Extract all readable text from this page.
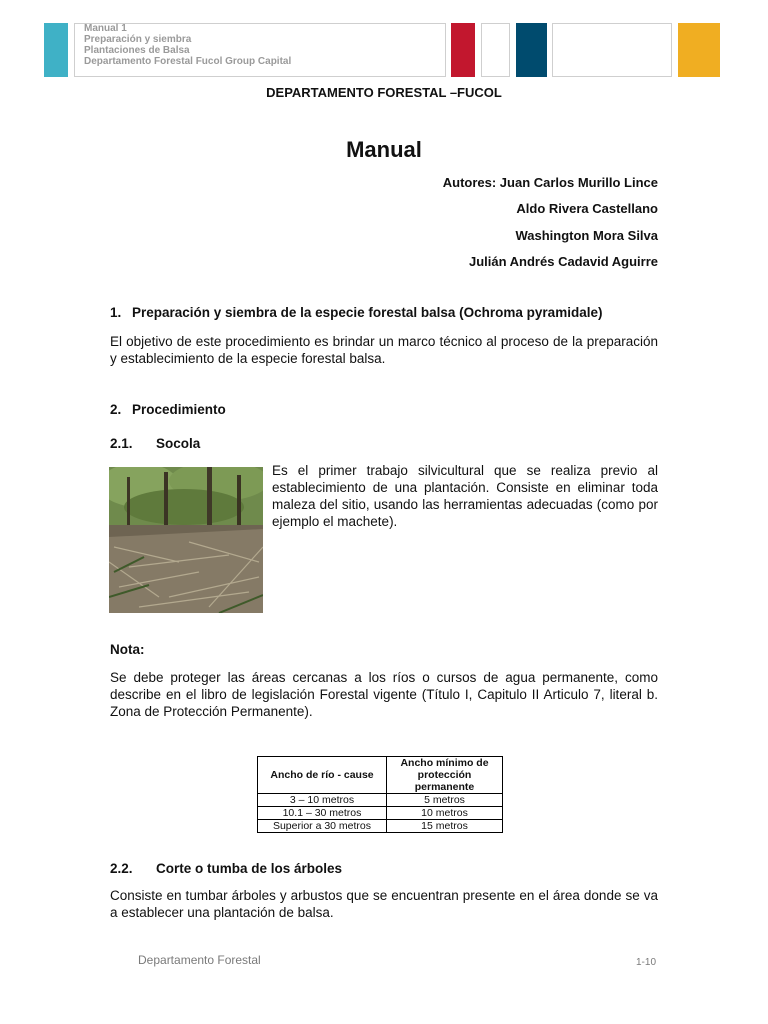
Manual 1
Preparación y siembra
Plantaciones de Balsa
Departamento Forestal Fucol Group Capital
DEPARTAMENTO FORESTAL –FUCOL
Manual
Autores: Juan Carlos Murillo Lince
Aldo Rivera Castellano
Washington Mora Silva
Julián Andrés Cadavid Aguirre
1. Preparación y siembra de la especie forestal balsa (Ochroma pyramidale)
El objetivo de este procedimiento es brindar un marco técnico al proceso de la preparación y establecimiento de la especie forestal balsa.
2. Procedimiento
2.1. Socola
Es el primer trabajo silvicultural que se realiza previo al establecimiento de una plantación. Consiste en eliminar toda maleza del sitio, usando las herramientas adecuadas (como por ejemplo el machete).
Nota:
Se debe proteger las áreas cercanas a los ríos o cursos de agua permanente, como describe en el libro de legislación Forestal vigente (Título I, Capitulo II Articulo 7, literal b. Zona de Protección Permanente).
Ancho de río - cause	Ancho mínimo de protección permanente
3 – 10 metros	5 metros
10.1 – 30 metros	10 metros
Superior a 30 metros	15 metros
2.2. Corte o tumba de los árboles
Consiste en tumbar árboles y arbustos que se encuentran presente en el área donde se va a establecer una plantación de balsa.
Departamento Forestal	1-10
